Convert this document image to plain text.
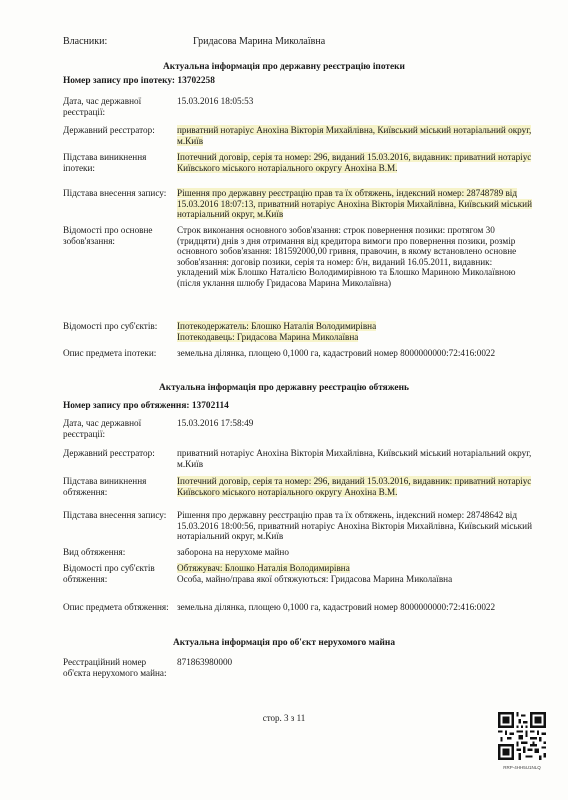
Власники:	Гридасова Марина Миколаївна
Актуальна інформація про державну реєстрацію іпотеки
Номер запису про іпотеку: 13702258
Дата, час державної реєстрації:
15.03.2016 18:05:53
Державний реєстратор:	приватний нотаріус Анохіна Вікторія Михайлівна, Київський міський нотаріальний округ, м.Київ
Підстава виникнення іпотеки:
Іпотечний договір, серія та номер: 296, виданий 15.03.2016, видавник: приватний нотаріус Київського міського нотаріального округу Анохіна В.М.
Підстава внесення запису:	Рішення про державну реєстрацію прав та їх обтяжень, індексний номер: 28748789 від 15.03.2016 18:07:13, приватний нотаріус Анохіна Вікторія Михайлівна, Київський міський нотаріальний округ, м.Київ
Відомості про основне зобов'язання:
Строк виконання основного зобов'язання: строк повернення позики: протягом 30 (тридцяти) днів з дня отримання від кредитора вимоги про повернення позики, розмір основного зобов'язання: 181592000,00 гривня, правочин, в якому встановлено основне зобов'язання: договір позики, серія та номер: б/н, виданий 16.05.2011, видавник: укладений між Блошко Наталією Володимирівною та Блошко Мариною Миколаївною (після уклання шлюбу Гридасова Марина Миколаївна)
Відомості про суб'єктів:	Іпотекодержатель: Блошко Наталія Володимирівна
Іпотекодавець: Гридасова Марина Миколаївна
Опис предмета іпотеки:	земельна ділянка, площею 0,1000 га, кадастровий номер 8000000000:72:416:0022
Актуальна інформація про державну реєстрацію обтяжень
Номер запису про обтяження: 13702114
Дата, час державної реєстрації:
15.03.2016 17:58:49
Державний реєстратор:	приватний нотаріус Анохіна Вікторія Михайлівна, Київський міський нотаріальний округ, м.Київ
Підстава виникнення обтяження:
Іпотечний договір, серія та номер: 296, виданий 15.03.2016, видавник: приватний нотаріус Київського міського нотаріального округу Анохіна В.М.
Підстава внесення запису:	Рішення про державну реєстрацію прав та їх обтяжень, індексний номер: 28748642 від 15.03.2016 18:00:56, приватний нотаріус Анохіна Вікторія Михайлівна, Київський міський нотаріальний округ, м.Київ
Вид обтяження:	заборона на нерухоме майно
Відомості про суб'єктів обтяження:
Обтяжувач: Блошко Наталія Володимирівна
Особа, майно/права якої обтяжуються: Гридасова Марина Миколаївна
Опис предмета обтяження: земельна ділянка, площею 0,1000 га, кадастровий номер 8000000000:72:416:0022
Актуальна інформація про об'єкт нерухомого майна
Реєстраційний номер об'єкта нерухомого майна:
871863980000
стор. 3 з 11
RRP-4HH5U1NLQ
